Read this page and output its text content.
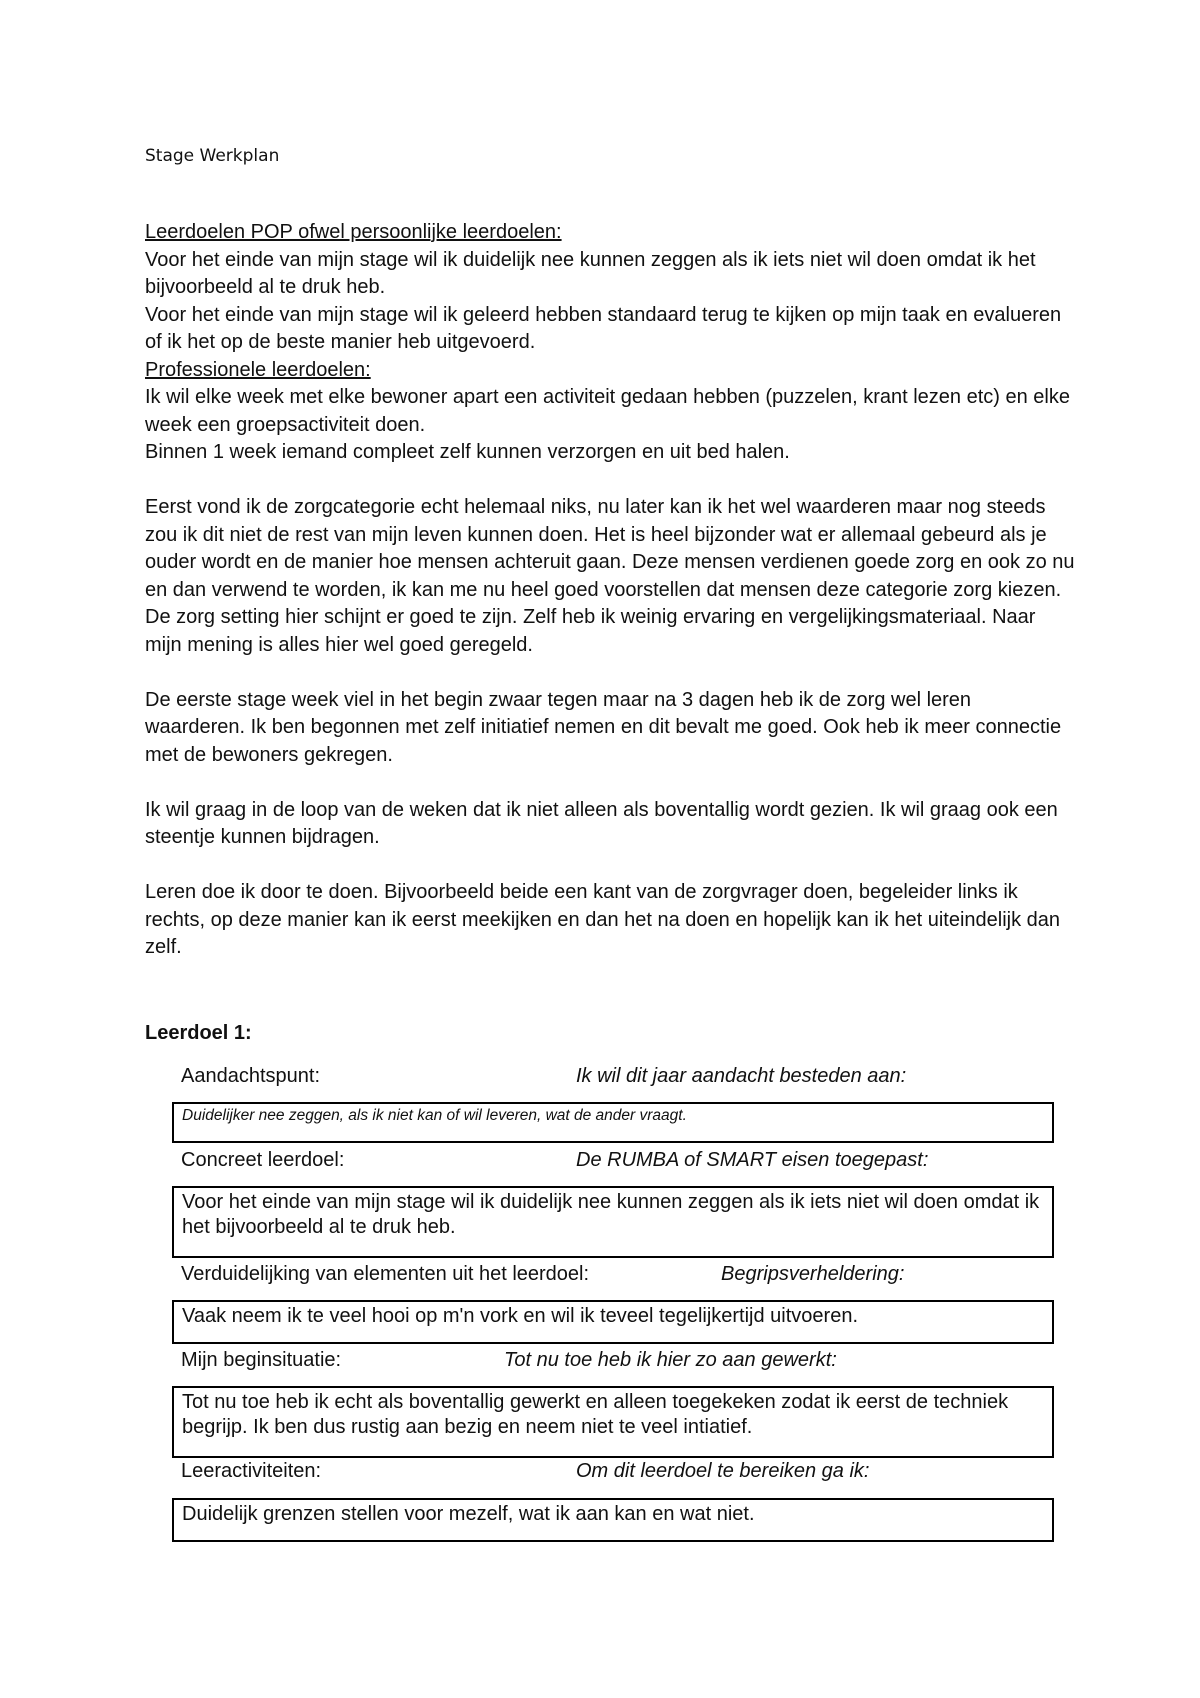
Stage Werkplan

Leerdoelen POP ofwel persoonlijke leerdoelen:

Voor het einde van mijn stage wil ik duidelijk nee kunnen zeggen als ik iets niet wil doen omdat ik het bijvoorbeeld al te druk heb.

Voor het einde van mijn stage wil ik geleerd hebben standaard terug te kijken op mijn taak en evalueren of ik het op de beste manier heb uitgevoerd.

Professionele leerdoelen:

Ik wil elke week met elke bewoner apart een activiteit gedaan hebben (puzzelen, krant lezen etc) en elke week een groepsactiviteit doen.

Binnen 1 week iemand compleet zelf kunnen verzorgen en uit bed halen.

Eerst vond ik de zorgcategorie echt helemaal niks, nu later kan ik het wel waarderen maar nog steeds zou ik dit niet de rest van mijn leven kunnen doen. Het is heel bijzonder wat er allemaal gebeurd als je ouder wordt en de manier hoe mensen achteruit gaan. Deze mensen verdienen goede zorg en ook zo nu en dan verwend te worden, ik kan me nu heel goed voorstellen dat mensen deze categorie zorg kiezen.

De zorg setting hier schijnt er goed te zijn. Zelf heb ik weinig ervaring en vergelijkingsmateriaal. Naar mijn mening is alles hier wel goed geregeld.

De eerste stage week viel in het begin zwaar tegen maar na 3 dagen heb ik de zorg wel leren waarderen. Ik ben begonnen met zelf initiatief nemen en dit bevalt me goed. Ook heb ik meer connectie met de bewoners gekregen.

Ik wil graag in de loop van de weken dat ik niet alleen als boventallig wordt gezien. Ik wil graag ook een steentje kunnen bijdragen.

Leren doe ik door te doen. Bijvoorbeeld beide een kant van de zorgvrager doen, begeleider links ik rechts, op deze manier kan ik eerst meekijken en dan het na doen en hopelijk kan ik het uiteindelijk dan zelf.

Leerdoel 1:
Aandachtspunt:	Ik wil dit jaar aandacht besteden aan:
Duidelijker nee zeggen, als ik niet kan of wil leveren, wat de ander vraagt.
Concreet leerdoel:	De RUMBA of SMART eisen toegepast:
Voor het einde van mijn stage wil ik duidelijk nee kunnen zeggen als ik iets niet wil doen omdat ik het bijvoorbeeld al te druk heb.
Verduidelijking van elementen uit het leerdoel:	Begripsverheldering:
Vaak neem ik te veel hooi op m'n vork en wil ik teveel tegelijkertijd uitvoeren.
Mijn beginsituatie:	Tot nu toe heb ik hier zo aan gewerkt:
Tot nu toe heb ik echt als boventallig gewerkt en alleen toegekeken zodat ik eerst de techniek begrijp. Ik ben dus rustig aan bezig en neem niet te veel intiatief.
Leeractiviteiten:	Om dit leerdoel te bereiken ga ik:
Duidelijk grenzen stellen voor mezelf, wat ik aan kan en wat niet.
